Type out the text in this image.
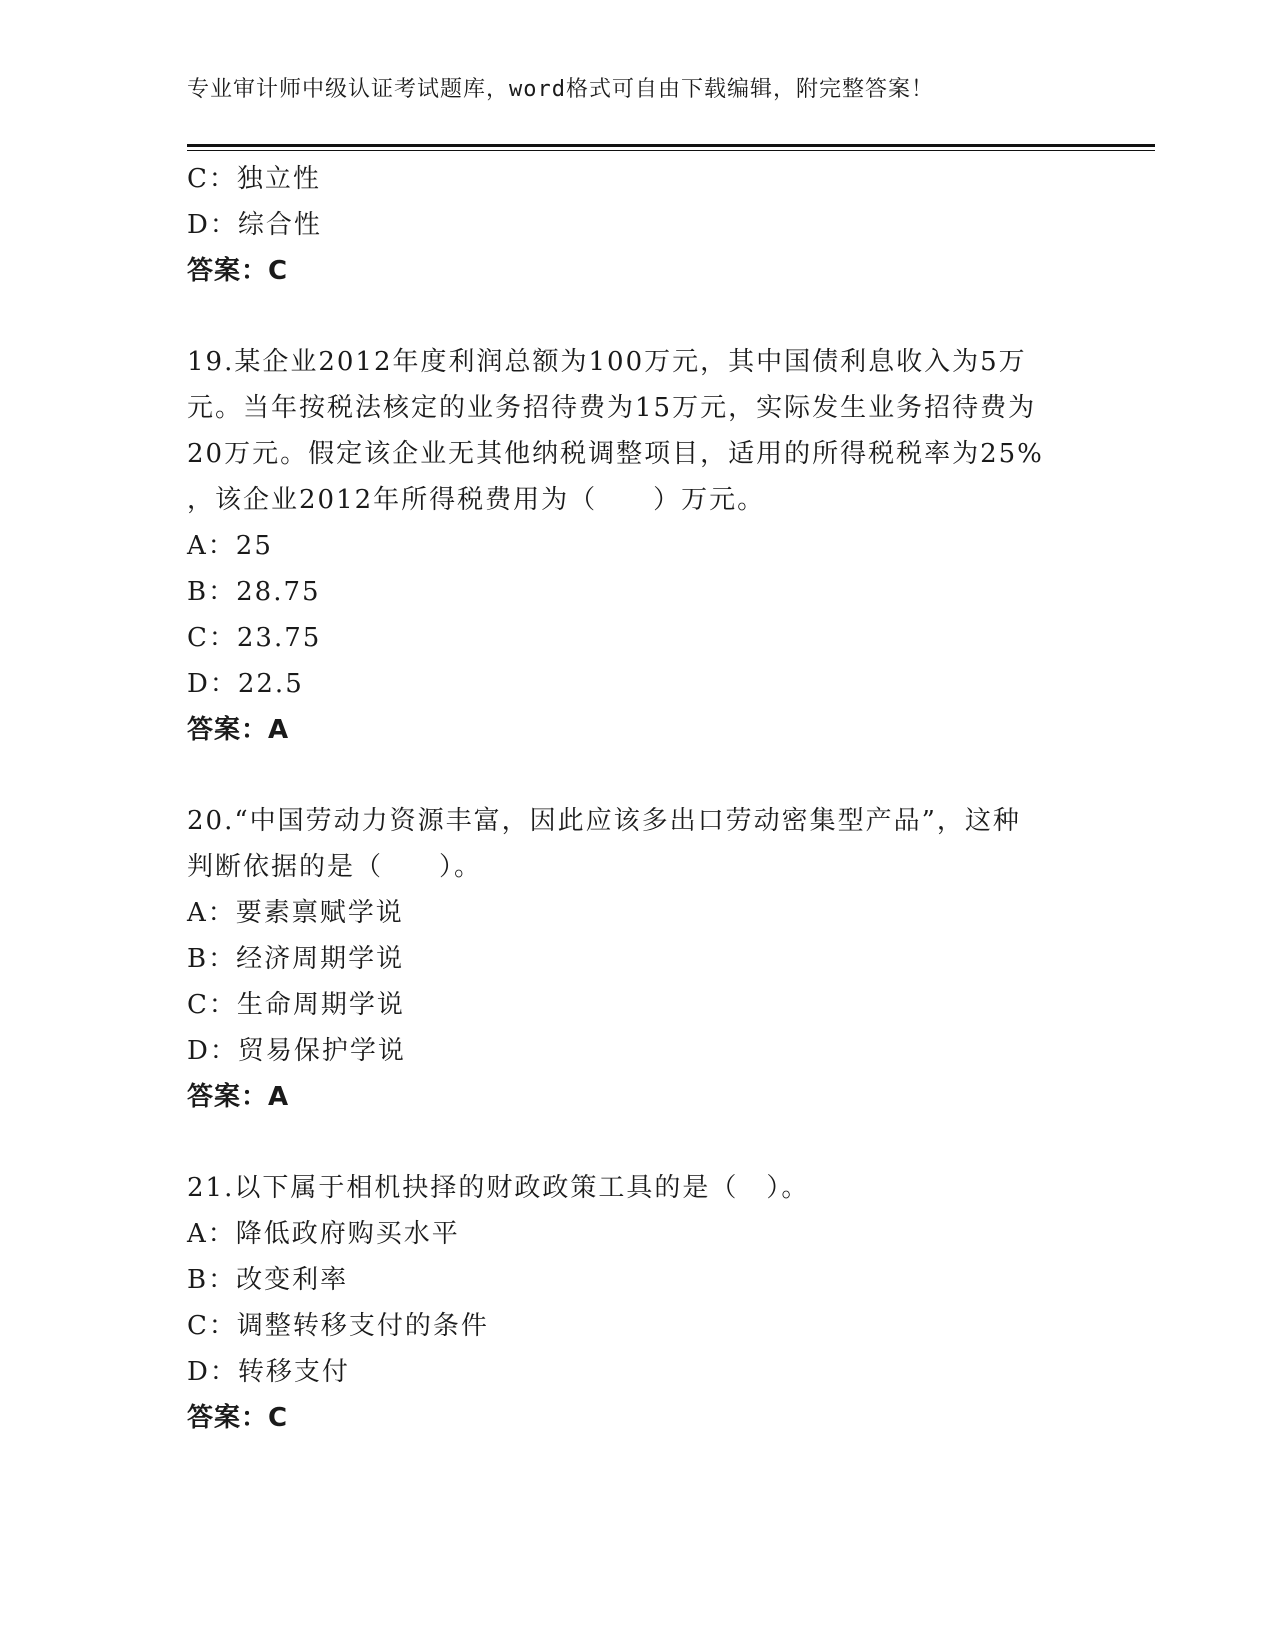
专业审计师中级认证考试题库，word格式可自由下载编辑，附完整答案！
C：独立性
D：综合性
答案：C
19.某企业2012年度利润总额为100万元，其中国债利息收入为5万
元。当年按税法核定的业务招待费为15万元，实际发生业务招待费为
20万元。假定该企业无其他纳税调整项目，适用的所得税税率为25%
，该企业2012年所得税费用为（　　）万元。
A：25
B：28.75
C：23.75
D：22.5
答案：A
20.“中国劳动力资源丰富，因此应该多出口劳动密集型产品”，这种
判断依据的是（　　）。
A：要素禀赋学说
B：经济周期学说
C：生命周期学说
D：贸易保护学说
答案：A
21.以下属于相机抉择的财政政策工具的是（　）。
A：降低政府购买水平
B：改变利率
C：调整转移支付的条件
D：转移支付
答案：C
